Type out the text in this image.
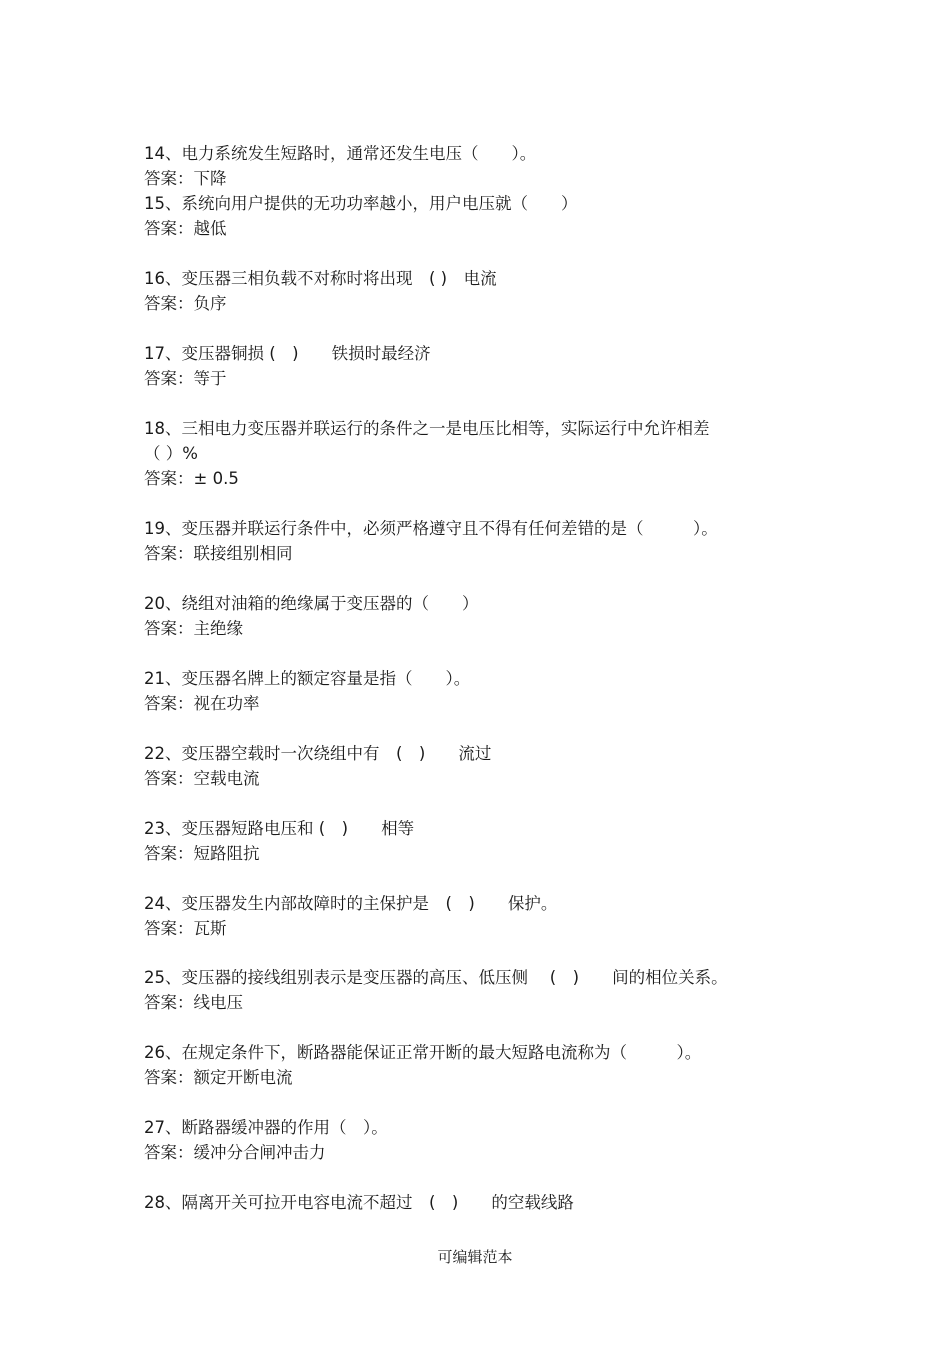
14、电力系统发生短路时，通常还发生电压（　　）。
答案：下降
15、系统向用户提供的无功功率越小，用户电压就（　　）
答案：越低
16、变压器三相负载不对称时将出现　( )　电流
答案：负序
17、变压器铜损 (　)　　铁损时最经济
答案：等于
18、三相电力变压器并联运行的条件之一是电压比相等，实际运行中允许相差
（ ）%
答案：± 0.5
19、变压器并联运行条件中，必须严格遵守且不得有任何差错的是（　　　）。
答案：联接组别相同
20、绕组对油箱的绝缘属于变压器的（　　）
答案：主绝缘
21、变压器名牌上的额定容量是指（　　）。
答案：视在功率
22、变压器空载时一次绕组中有　(　)　　流过
答案：空载电流
23、变压器短路电压和 (　)　　相等
答案：短路阻抗
24、变压器发生内部故障时的主保护是　(　)　　保护。
答案：瓦斯
25、变压器的接线组别表示是变压器的高压、低压侧　 (　)　　间的相位关系。
答案：线电压
26、在规定条件下，断路器能保证正常开断的最大短路电流称为（　　　）。
答案：额定开断电流
27、断路器缓冲器的作用（　）。
答案：缓冲分合闸冲击力
28、隔离开关可拉开电容电流不超过　(　)　　的空载线路
可编辑范本
